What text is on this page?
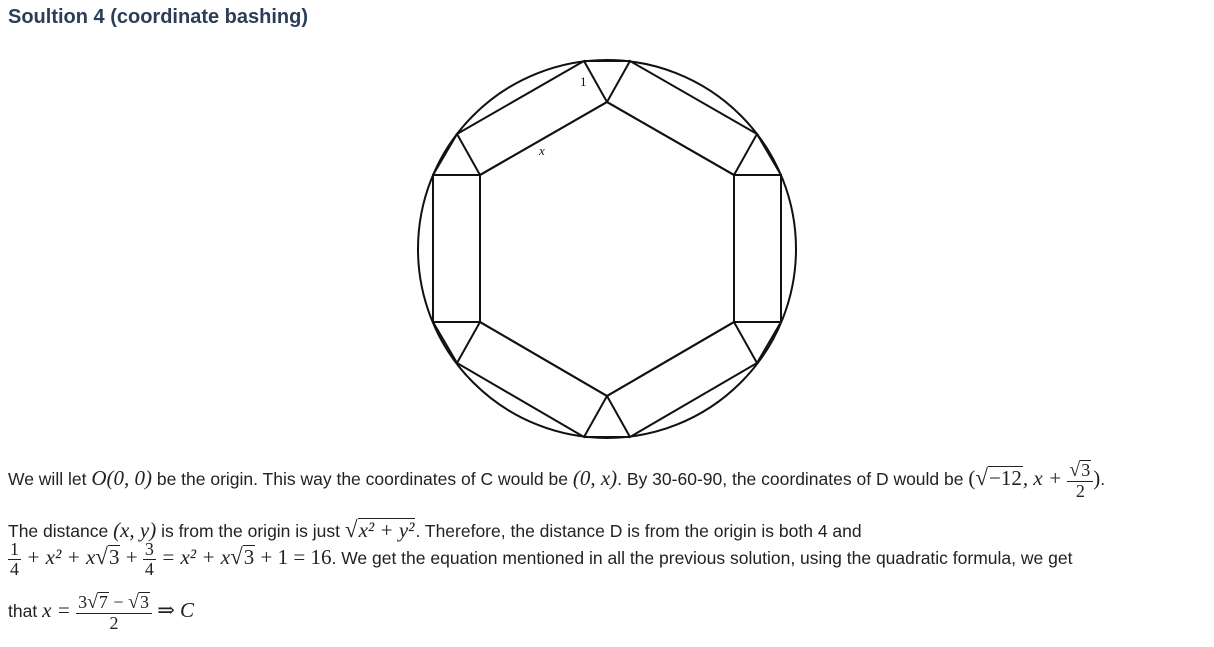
Soultion 4 (coordinate bashing)
1
x
We will let O(0, 0) be the origin. This way the coordinates of C would be (0, x). By 30-60-90, the coordinates of D would be (√−12, $x + \frac{√3}{2}$ ).
The distance (x, y) is from the origin is just √x² + y². Therefore, the distance D is from the origin is both 4 and
$\frac{1}{4} + x^2 + x√3 + \frac{3}{4} = x^2 + x√3 + 1 = 16$. We get the equation mentioned in all the previous solution, using the quadratic formula, we get
that $x = \frac{3√7 - √3}{2}$ ⇒ C
